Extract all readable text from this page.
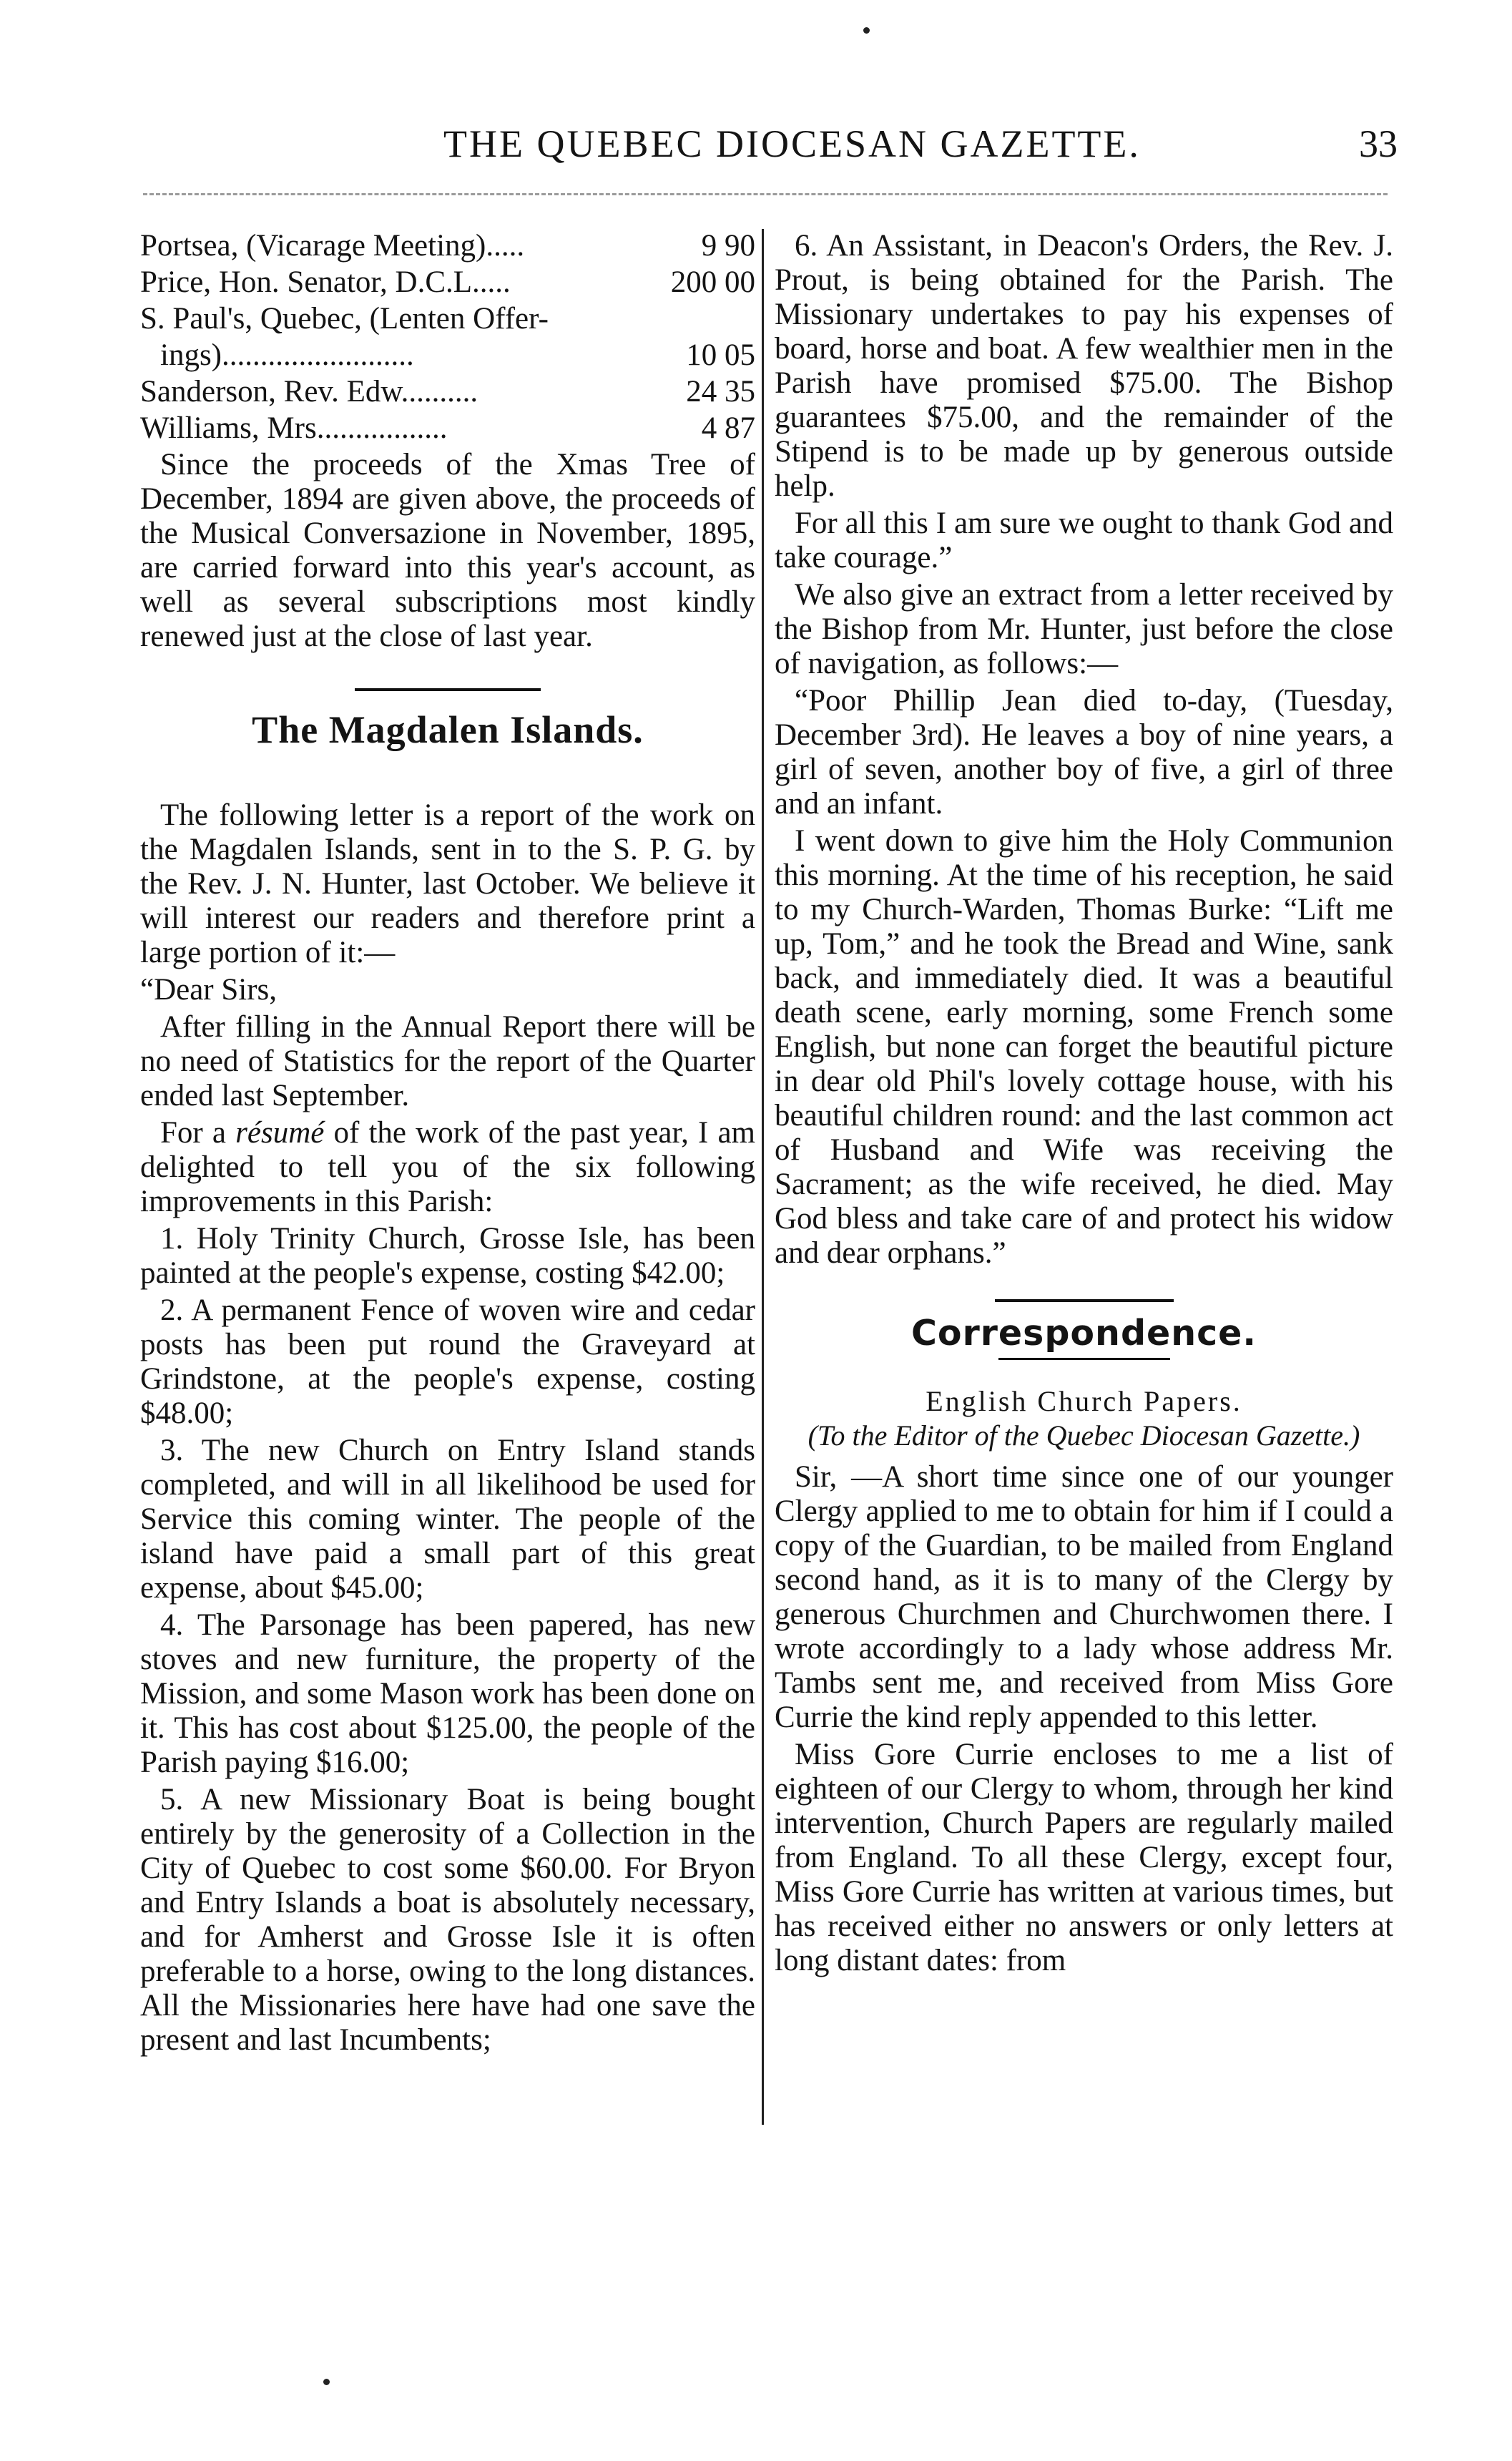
THE QUEBEC DIOCESAN GAZETTE.	33
Portsea, (Vicarage Meeting).....	9 90
Price, Hon. Senator, D.C.L.....	200 00
S. Paul's, Quebec, (Lenten Offer-
ings).........................	10 05
Sanderson, Rev. Edw..........	24 35
Williams, Mrs.................	4 87

Since the proceeds of the Xmas Tree of December, 1894 are given above, the proceeds of the Musical Conversazione in November, 1895, are carried forward into this year's account, as well as several subscriptions most kindly renewed just at the close of last year.

The Magdalen Islands.

The following letter is a report of the work on the Magdalen Islands, sent in to the S. P. G. by the Rev. J. N. Hunter, last October. We believe it will interest our readers and therefore print a large portion of it:—

“Dear Sirs,

After filling in the Annual Report there will be no need of Statistics for the report of the Quarter ended last September.

For a résumé of the work of the past year, I am delighted to tell you of the six following improvements in this Parish:

1. Holy Trinity Church, Grosse Isle, has been painted at the people's expense, costing $42.00;

2. A permanent Fence of woven wire and cedar posts has been put round the Graveyard at Grindstone, at the people's expense, costing $48.00;

3. The new Church on Entry Island stands completed, and will in all likelihood be used for Service this coming winter. The people of the island have paid a small part of this great expense, about $45.00;

4. The Parsonage has been papered, has new stoves and new furniture, the property of the Mission, and some Mason work has been done on it. This has cost about $125.00, the people of the Parish paying $16.00;

5. A new Missionary Boat is being bought entirely by the generosity of a Collection in the City of Quebec to cost some $60.00. For Bryon and Entry Islands a boat is absolutely necessary, and for Amherst and Grosse Isle it is often preferable to a horse, owing to the long distances. All the Missionaries here have had one save the present and last Incumbents;

6. An Assistant, in Deacon's Orders, the Rev. J. Prout, is being obtained for the Parish. The Missionary undertakes to pay his expenses of board, horse and boat. A few wealthier men in the Parish have promised $75.00. The Bishop guarantees $75.00, and the remainder of the Stipend is to be made up by generous outside help.

For all this I am sure we ought to thank God and take courage.”

We also give an extract from a letter received by the Bishop from Mr. Hunter, just before the close of navigation, as follows:—

“Poor Phillip Jean died to-day, (Tuesday, December 3rd). He leaves a boy of nine years, a girl of seven, another boy of five, a girl of three and an infant.

I went down to give him the Holy Communion this morning. At the time of his reception, he said to my Church-Warden, Thomas Burke: “Lift me up, Tom,” and he took the Bread and Wine, sank back, and immediately died. It was a beautiful death scene, early morning, some French some English, but none can forget the beautiful picture in dear old Phil's lovely cottage house, with his beautiful children round: and the last common act of Husband and Wife was receiving the Sacrament; as the wife received, he died. May God bless and take care of and protect his widow and dear orphans.”

Correspondence.
English Church Papers.
(To the Editor of the Quebec Diocesan Gazette.)

Sir, —A short time since one of our younger Clergy applied to me to obtain for him if I could a copy of the Guardian, to be mailed from England second hand, as it is to many of the Clergy by generous Churchmen and Churchwomen there. I wrote accordingly to a lady whose address Mr. Tambs sent me, and received from Miss Gore Currie the kind reply appended to this letter.

Miss Gore Currie encloses to me a list of eighteen of our Clergy to whom, through her kind intervention, Church Papers are regularly mailed from England. To all these Clergy, except four, Miss Gore Currie has written at various times, but has received either no answers or only letters at long distant dates: from
